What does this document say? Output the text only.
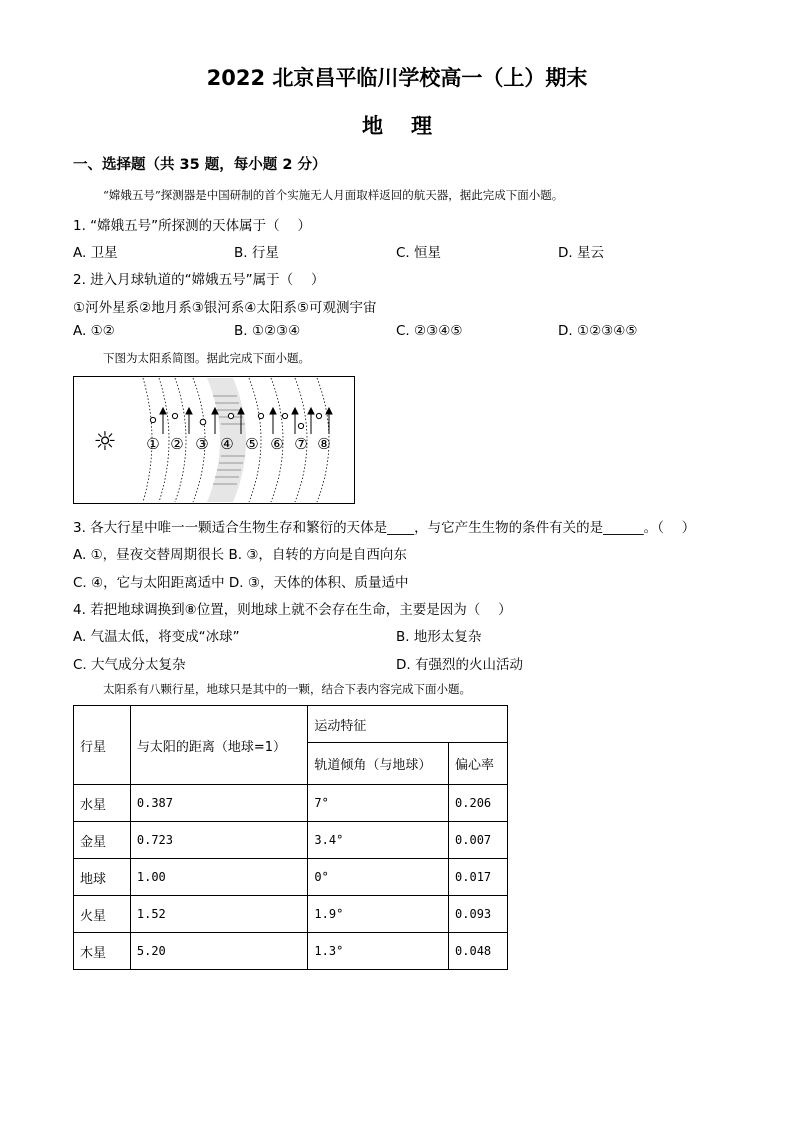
2022 北京昌平临川学校高一（上）期末
地理
一、选择题（共 35 题，每小题 2 分）
“嫦娥五号”探测器是中国研制的首个实施无人月面取样返回的航天器，据此完成下面小题。
1. “嫦娥五号”所探测的天体属于（　 ）
A. 卫星	B. 行星	C. 恒星	D. 星云
2. 进入月球轨道的“嫦娥五号”属于（　 ）
①河外星系②地月系③银河系④太阳系⑤可观测宇宙
A. ①②	B. ①②③④	C. ②③④⑤	D. ①②③④⑤
下图为太阳系简图。据此完成下面小题。
☼ ① ② ③ ④ ⑤ ⑥ ⑦ ⑧
3. 各大行星中唯一一颗适合生物生存和繁衍的天体是____，与它产生生物的条件有关的是______。（　 ）
A. ①，昼夜交替周期很长 B. ③，自转的方向是自西向东
C. ④，它与太阳距离适中 D. ③，天体的体积、质量适中
4. 若把地球调换到⑧位置，则地球上就不会存在生命，主要是因为（　 ）
A. 气温太低，将变成“冰球”	B. 地形太复杂
C. 大气成分太复杂	D. 有强烈的火山活动
太阳系有八颗行星，地球只是其中的一颗，结合下表内容完成下面小题。
行星	与太阳的距离（地球=1）	运动特征	
		轨道倾角（与地球）	偏心率
水星	0.387	7°	0.206
金星	0.723	3.4°	0.007
地球	1.00	0°	0.017
火星	1.52	1.9°	0.093
木星	5.20	1.3°	0.048
